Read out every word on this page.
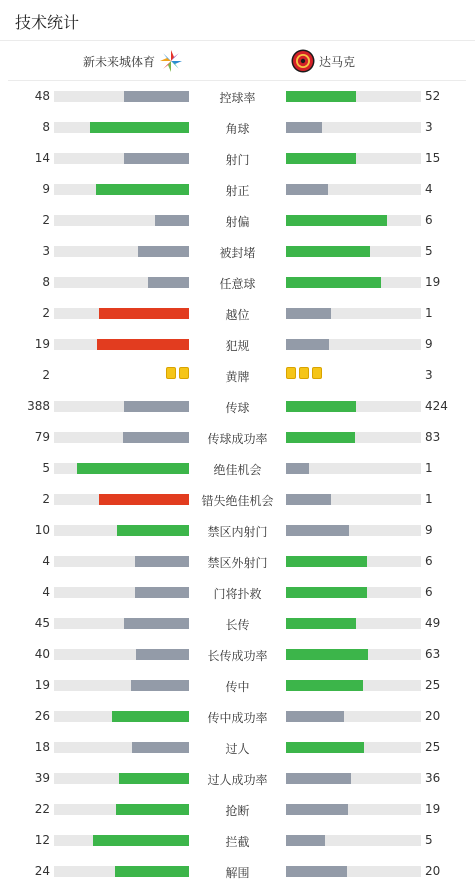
技术统计
新未来城体育	达马克
48	控球率	52
8	角球	3
14	射门	15
9	射正	4
2	射偏	6
3	被封堵	5
8	任意球	19
2	越位	1
19	犯规	9
2	黄牌	3
388	传球	424
79	传球成功率	83
5	绝佳机会	1
2	错失绝佳机会	1
10	禁区内射门	9
4	禁区外射门	6
4	门将扑救	6
45	长传	49
40	长传成功率	63
19	传中	25
26	传中成功率	20
18	过人	25
39	过人成功率	36
22	抢断	19
12	拦截	5
24	解围	20
